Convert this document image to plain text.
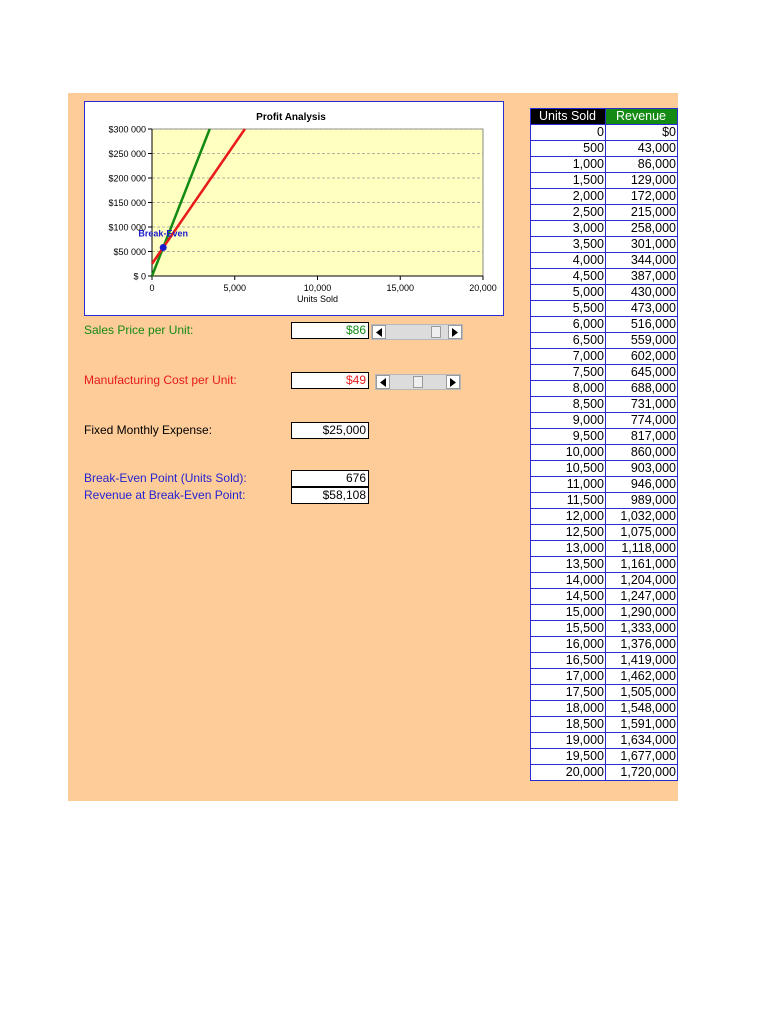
Profit Analysis
$ 0
$50 000
$100 000
$150 000
$200 000
$250 000
$300 000
0	5,000	10,000	15,000	20,000
Units Sold
Break-Even
Sales Price per Unit:	$86
Manufacturing Cost per Unit:	$49
Fixed Monthly Expense:	$25,000
Break-Even Point (Units Sold):	676
Revenue at Break-Even Point:	$58,108
Units Sold	Revenue
0	$0
500	43,000
1,000	86,000
1,500	129,000
2,000	172,000
2,500	215,000
3,000	258,000
3,500	301,000
4,000	344,000
4,500	387,000
5,000	430,000
5,500	473,000
6,000	516,000
6,500	559,000
7,000	602,000
7,500	645,000
8,000	688,000
8,500	731,000
9,000	774,000
9,500	817,000
10,000	860,000
10,500	903,000
11,000	946,000
11,500	989,000
12,000	1,032,000
12,500	1,075,000
13,000	1,118,000
13,500	1,161,000
14,000	1,204,000
14,500	1,247,000
15,000	1,290,000
15,500	1,333,000
16,000	1,376,000
16,500	1,419,000
17,000	1,462,000
17,500	1,505,000
18,000	1,548,000
18,500	1,591,000
19,000	1,634,000
19,500	1,677,000
20,000	1,720,000
